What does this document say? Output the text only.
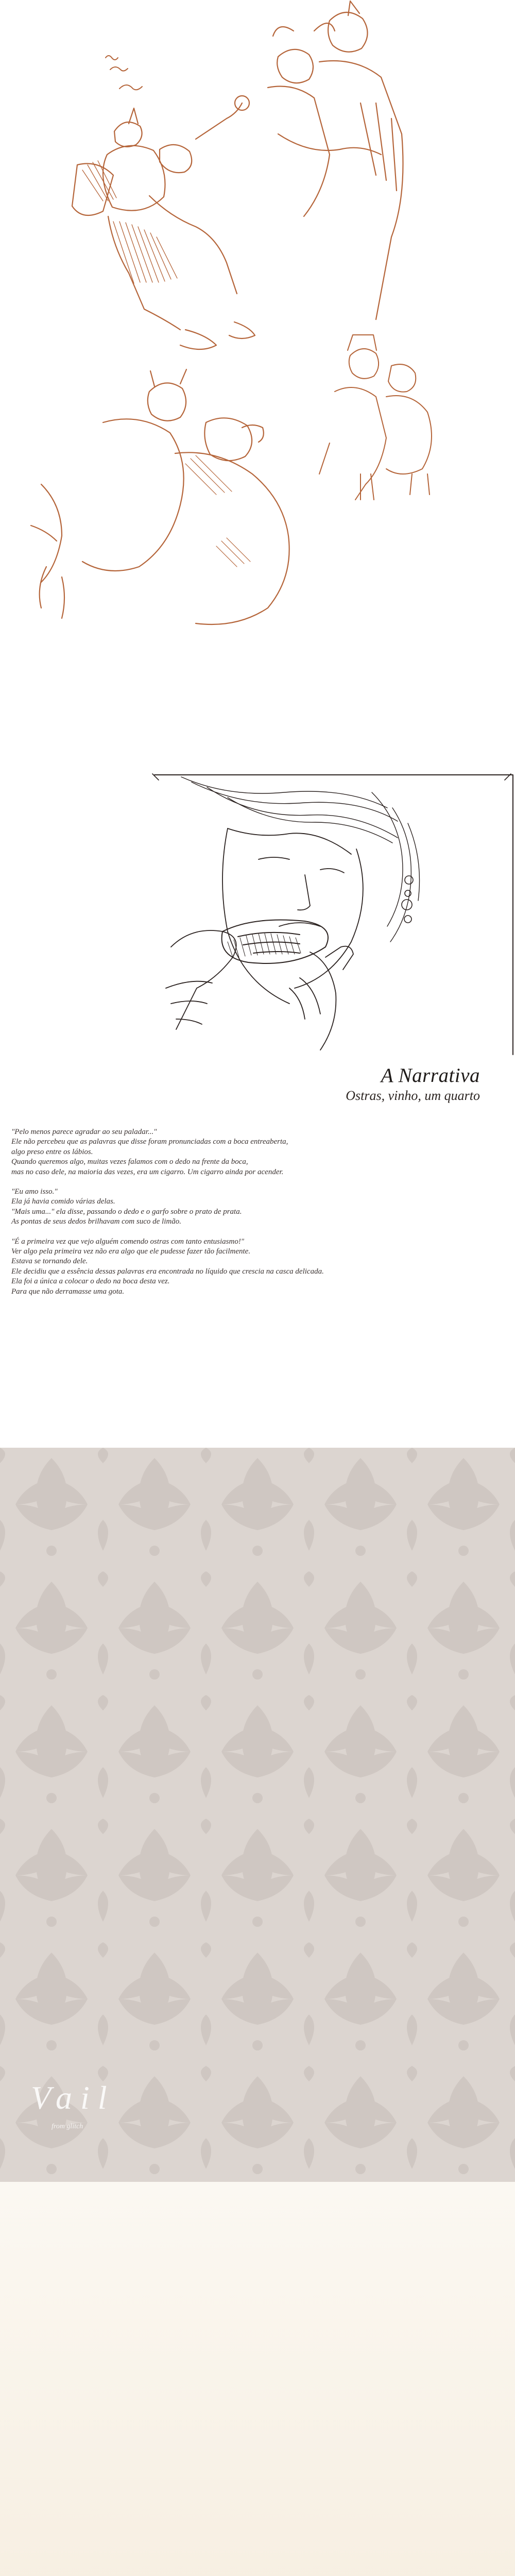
A Narrativa
Ostras, vinho, um quarto
"Pelo menos parece agradar ao seu paladar..."
Ele não percebeu que as palavras que disse foram pronunciadas com a boca entreaberta,
algo preso entre os lábios.
Quando queremos algo, muitas vezes falamos com o dedo na frente da boca,
mas no caso dele, na maioria das vezes, era um cigarro. Um cigarro ainda por acender.
"Eu amo isso."
Ela já havia comido várias delas.
"Mais uma..." ela disse, passando o dedo e o garfo sobre o prato de prata.
As pontas de seus dedos brilhavam com suco de limão.
"É a primeira vez que vejo alguém comendo ostras com tanto entusiasmo!"
Ver algo pela primeira vez não era algo que ele pudesse fazer tão facilmente.
Estava se tornando dele.
Ele decidiu que a essência dessas palavras era encontrada no líquido que crescia na casca delicada.
Ela foi a única a colocar o dedo na boca desta vez.
Para que não derramasse uma gota.
Vail
from glitch
